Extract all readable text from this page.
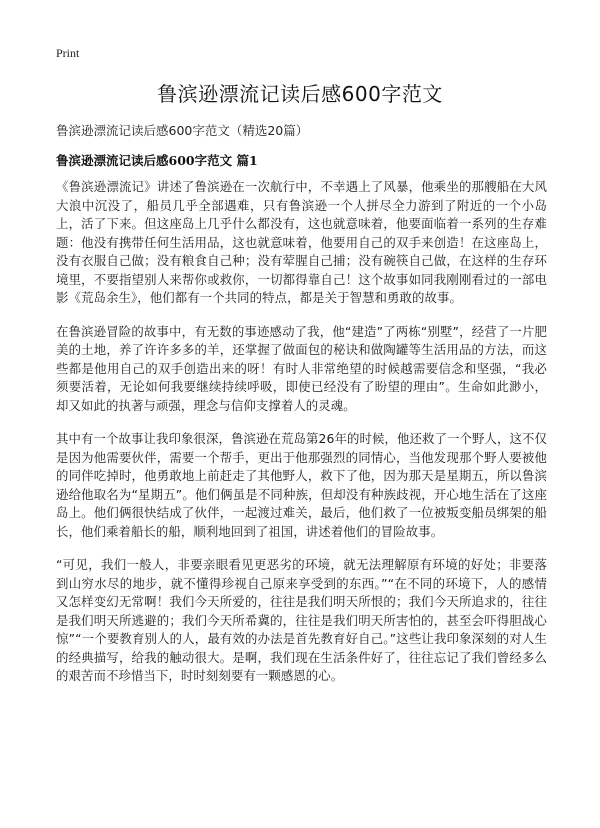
Print
鲁滨逊漂流记读后感600字范文
鲁滨逊漂流记读后感600字范文（精选20篇）
鲁滨逊漂流记读后感600字范文 篇1

《鲁滨逊漂流记》讲述了鲁滨逊在一次航行中，不幸遇上了风暴，他乘坐的那艘船在大风大浪中沉没了，船员几乎全部遇难，只有鲁滨逊一个人拼尽全力游到了附近的一个小岛上，活了下来。但这座岛上几乎什么都没有，这也就意味着，他要面临着一系列的生存难题：他没有携带任何生活用品，这也就意味着，他要用自己的双手来创造！在这座岛上，没有衣服自己做；没有粮食自己种；没有荤腥自己捕；没有碗筷自己做，在这样的生存环境里，不要指望别人来帮你或救你，一切都得靠自己！这个故事如同我刚刚看过的一部电影《荒岛余生》，他们都有一个共同的特点，都是关于智慧和勇敢的故事。

在鲁滨逊冒险的故事中，有无数的事迹感动了我，他“建造”了两栋“别墅”，经营了一片肥美的土地，养了许许多多的羊，还掌握了做面包的秘诀和做陶罐等生活用品的方法，而这些都是他用自己的双手创造出来的呀！有时人非常绝望的时候越需要信念和坚强，“我必须要活着，无论如何我要继续持续呼吸，即使已经没有了盼望的理由”。生命如此渺小，却又如此的执著与顽强，理念与信仰支撑着人的灵魂。

其中有一个故事让我印象很深，鲁滨逊在荒岛第26年的时候，他还救了一个野人，这不仅是因为他需要伙伴，需要一个帮手，更出于他那强烈的同情心，当他发现那个野人要被他的同伴吃掉时，他勇敢地上前赶走了其他野人，救下了他，因为那天是星期五，所以鲁滨逊给他取名为“星期五”。他们俩虽是不同种族，但却没有种族歧视，开心地生活在了这座岛上。他们俩很快结成了伙伴，一起渡过难关，最后，他们救了一位被叛变船员绑架的船长，他们乘着船长的船，顺利地回到了祖国，讲述着他们的冒险故事。

“可见，我们一般人，非要亲眼看见更恶劣的环境，就无法理解原有环境的好处；非要落到山穷水尽的地步，就不懂得珍视自己原来享受到的东西。”“在不同的环境下，人的感情又怎样变幻无常啊！我们今天所爱的，往往是我们明天所恨的；我们今天所追求的，往往是我们明天所逃避的；我们今天所希冀的，往往是我们明天所害怕的，甚至会吓得胆战心惊”“一个要教育别人的人，最有效的办法是首先教育好自己。”这些让我印象深刻的对人生的经典描写，给我的触动很大。是啊，我们现在生活条件好了，往往忘记了我们曾经多么的艰苦而不珍惜当下，时时刻刻要有一颗感恩的心。
